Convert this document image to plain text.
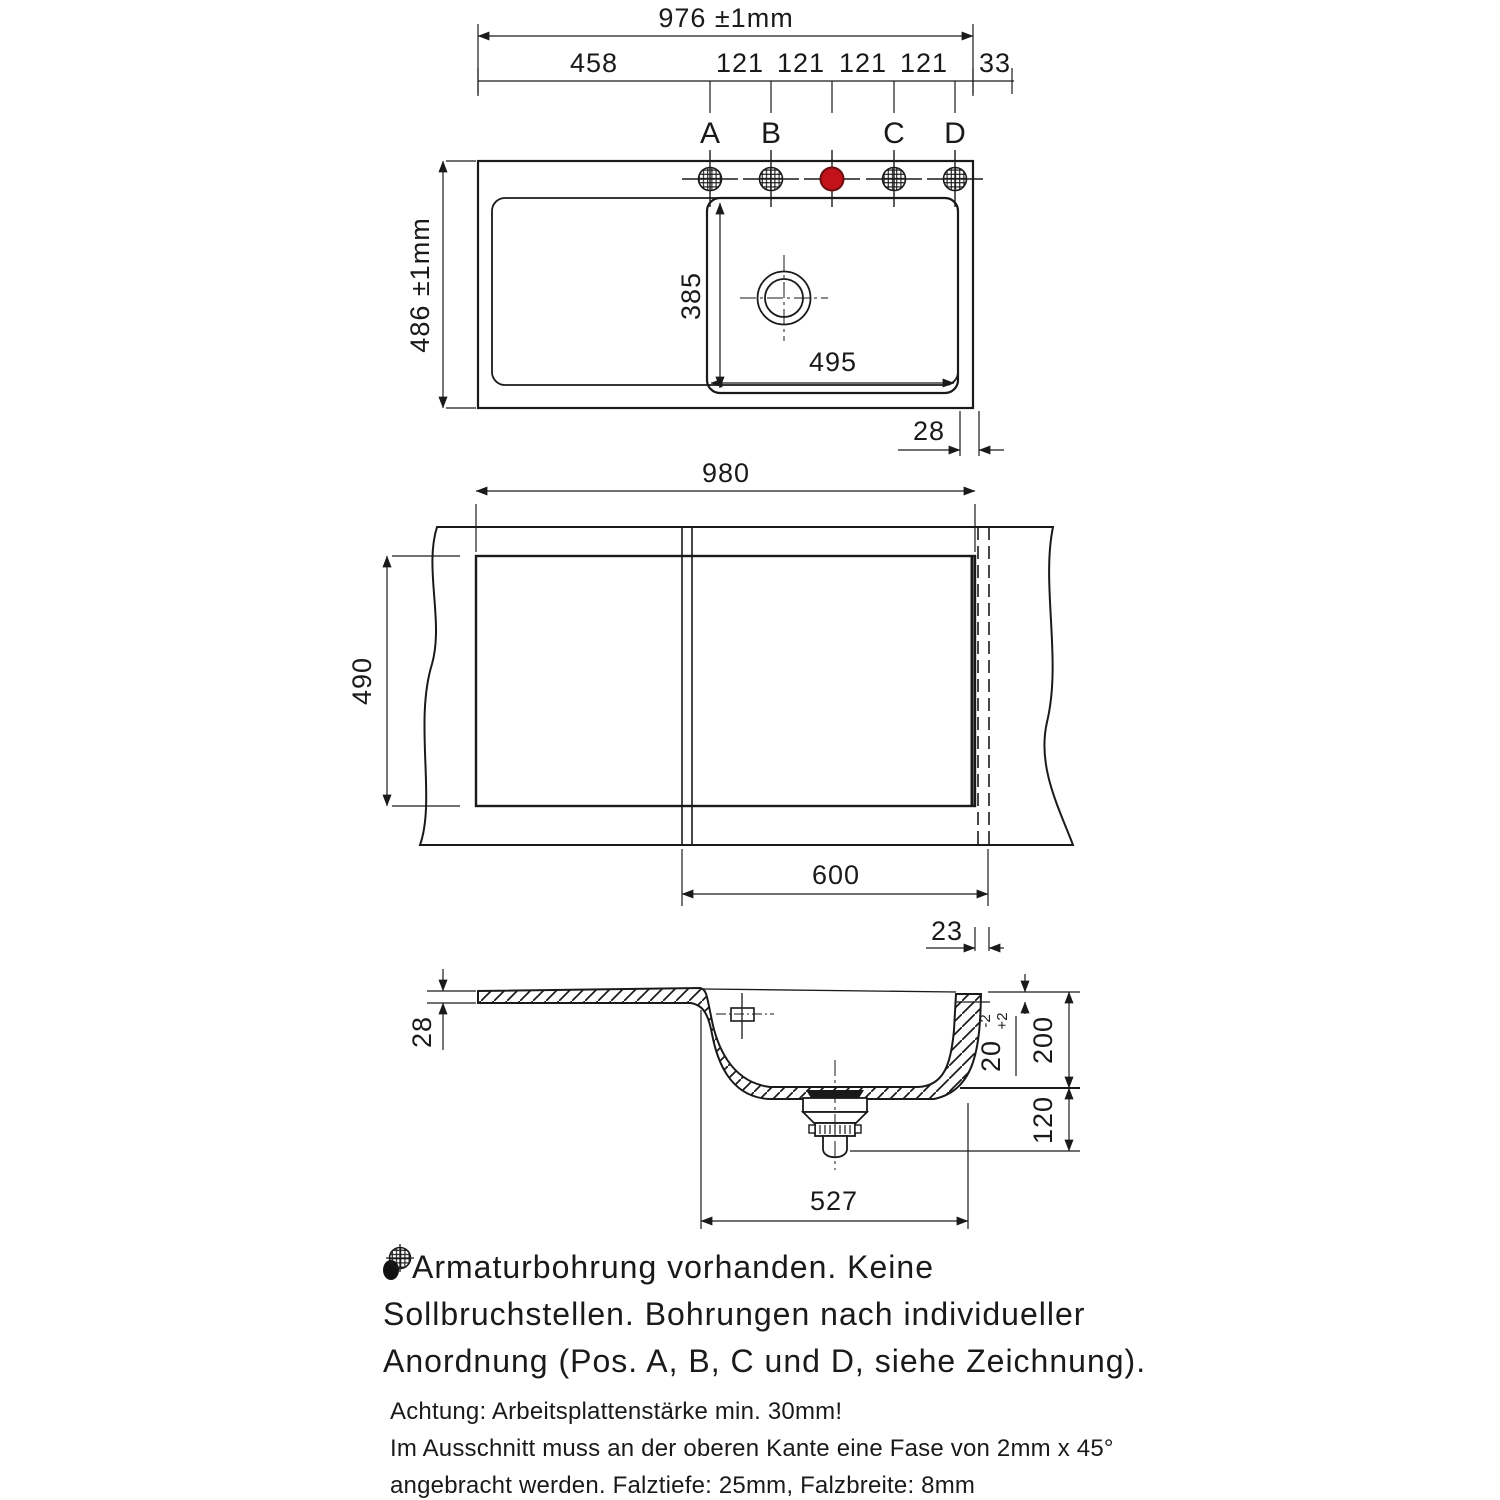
976 ±1mm
458	121 121 121 121 33
A B	C D
486 ±1mm	385
495
28
980
490
600
23
28
20
+2
-2 200
120
527
Armaturbohrung vorhanden. Keine
Sollbruchstellen. Bohrungen nach individueller
Anordnung (
Pos. A, B, C und D, siehe Zeichnung).
Achtung: Arbeitsplattenstärke min. 30mm!
Im Ausschnitt muss an der oberen Kante eine Fase von 2mm x 45°
angebracht werden. Falztiefe: 25mm, Falzbreite: 8mm
